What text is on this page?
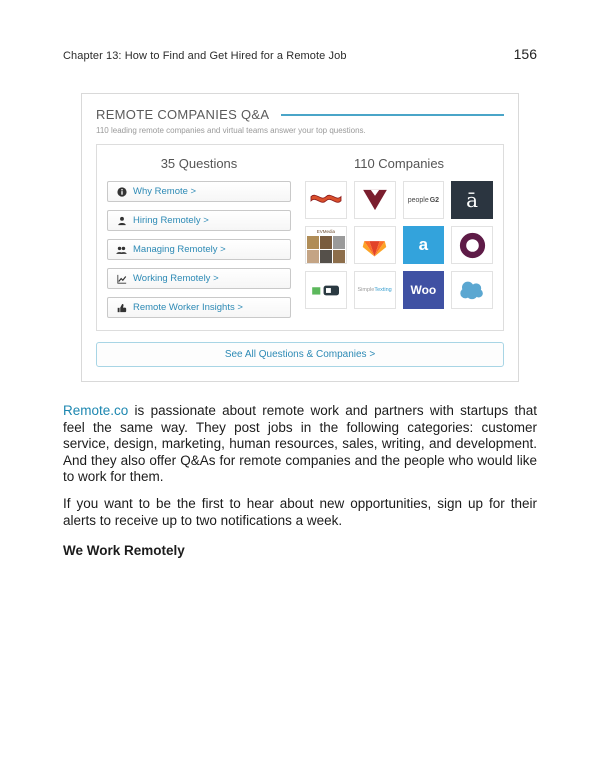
Chapter 13: How to Find and Get Hired for a Remote Job	156
REMOTE COMPANIES Q&A
110 leading remote companies and virtual teams answer your top questions.
35 Questions
Why Remote >
Hiring Remotely >
Managing Remotely >
Working Remotely >
Remote Worker Insights >
110 Companies
people G2 ā
EVMedia
a
Simple Texting Woo
See All Questions & Companies >

Remote.co is passionate about remote work and partners with startups that feel the same way. They post jobs in the following categories: customer service, design, marketing, human resources, sales, writing, and development. And they also offer Q&As for remote companies and the people who would like to work for them.

If you want to be the first to hear about new opportunities, sign up for their alerts to receive up to two notifications a week.

We Work Remotely
